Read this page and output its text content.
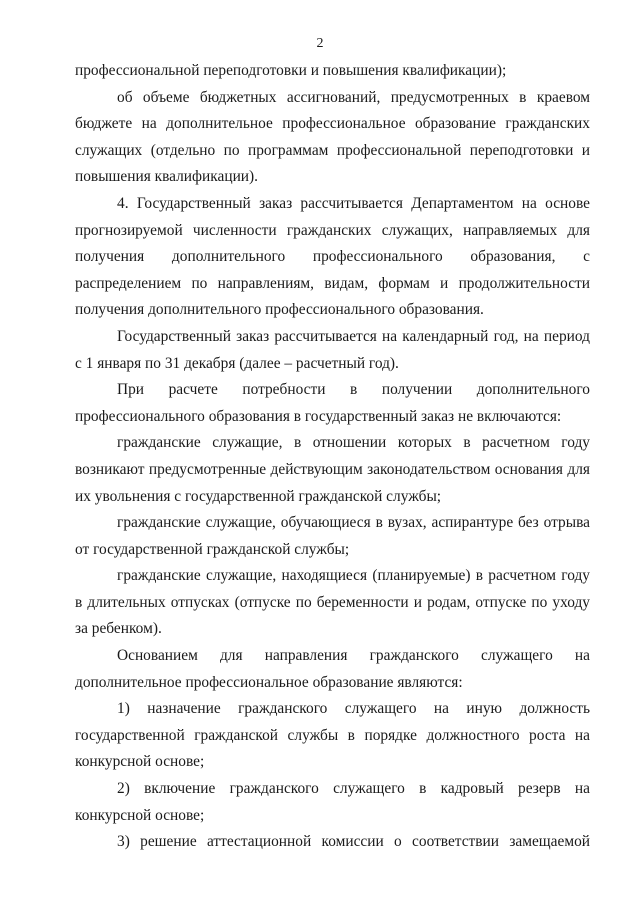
2

профессиональной переподготовки и повышения квалификации);

об объеме бюджетных ассигнований, предусмотренных в краевом бюджете на дополнительное профессиональное образование гражданских служащих (отдельно по программам профессиональной переподготовки и повышения квалификации).

4. Государственный заказ рассчитывается Департаментом на основе прогнозируемой численности гражданских служащих, направляемых для получения дополнительного профессионального образования, с распределением по направлениям, видам, формам и продолжительности получения дополнительного профессионального образования.

Государственный заказ рассчитывается на календарный год, на период с 1 января по 31 декабря (далее – расчетный год).

При расчете потребности в получении дополнительного профессионального образования в государственный заказ не включаются:

гражданские служащие, в отношении которых в расчетном году возникают предусмотренные действующим законодательством основания для их увольнения с государственной гражданской службы;

гражданские служащие, обучающиеся в вузах, аспирантуре без отрыва от государственной гражданской службы;

гражданские служащие, находящиеся (планируемые) в расчетном году в длительных отпусках (отпуске по беременности и родам, отпуске по уходу за ребенком).

Основанием для направления гражданского служащего на дополнительное профессиональное образование являются:

1) назначение гражданского служащего на иную должность государственной гражданской службы в порядке должностного роста на конкурсной основе;

2) включение гражданского служащего в кадровый резерв на конкурсной основе;

3) решение аттестационной комиссии о соответствии замещаемой
